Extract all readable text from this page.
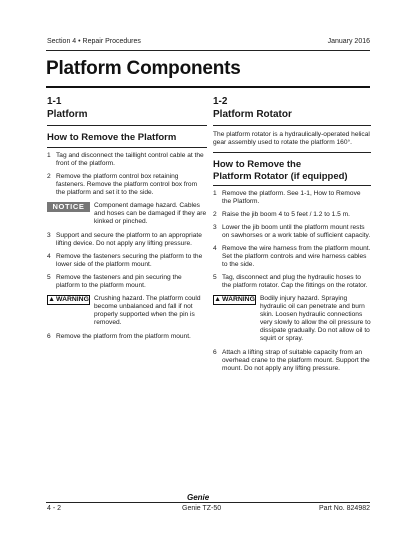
Section 4 • Repair Procedures	January 2016
Platform Components
1-1
Platform
How to Remove the Platform
1 Tag and disconnect the taillight control cable at the front of the platform.
2 Remove the platform control box retaining fasteners. Remove the platform control box from the platform and set it to the side.
NOTICE	Component damage hazard. Cables and hoses can be damaged if they are kinked or pinched.
3 Support and secure the platform to an appropriate lifting device. Do not apply any lifting pressure.
4 Remove the fasteners securing the platform to the lower side of the platform mount.
5 Remove the fasteners and pin securing the platform to the platform mount.
▲ WARNING Crushing hazard. The platform could become unbalanced and fall if not properly supported when the pin is removed.
6 Remove the platform from the platform mount.
1-2
Platform Rotator
The platform rotator is a hydraulically-operated helical gear assembly used to rotate the platform 160°.
How to Remove the
Platform Rotator (if equipped)
1 Remove the platform. See 1-1, How to Remove the Platform.
2 Raise the jib boom 4 to 5 feet / 1.2 to 1.5 m.
3 Lower the jib boom until the platform mount rests on sawhorses or a work table of sufficient capacity.
4 Remove the wire harness from the platform mount. Set the platform controls and wire harness cables to the side.
5 Tag, disconnect and plug the hydraulic hoses to the platform rotator. Cap the fittings on the rotator.
▲ WARNING Bodily injury hazard. Spraying hydraulic oil can penetrate and burn skin. Loosen hydraulic connections very slowly to allow the oil pressure to dissipate gradually. Do not allow oil to squirt or spray.
6 Attach a lifting strap of suitable capacity from an overhead crane to the platform mount. Support the mount. Do not apply any lifting pressure.
Genie
4 - 2	Genie TZ-50	Part No. 824982
